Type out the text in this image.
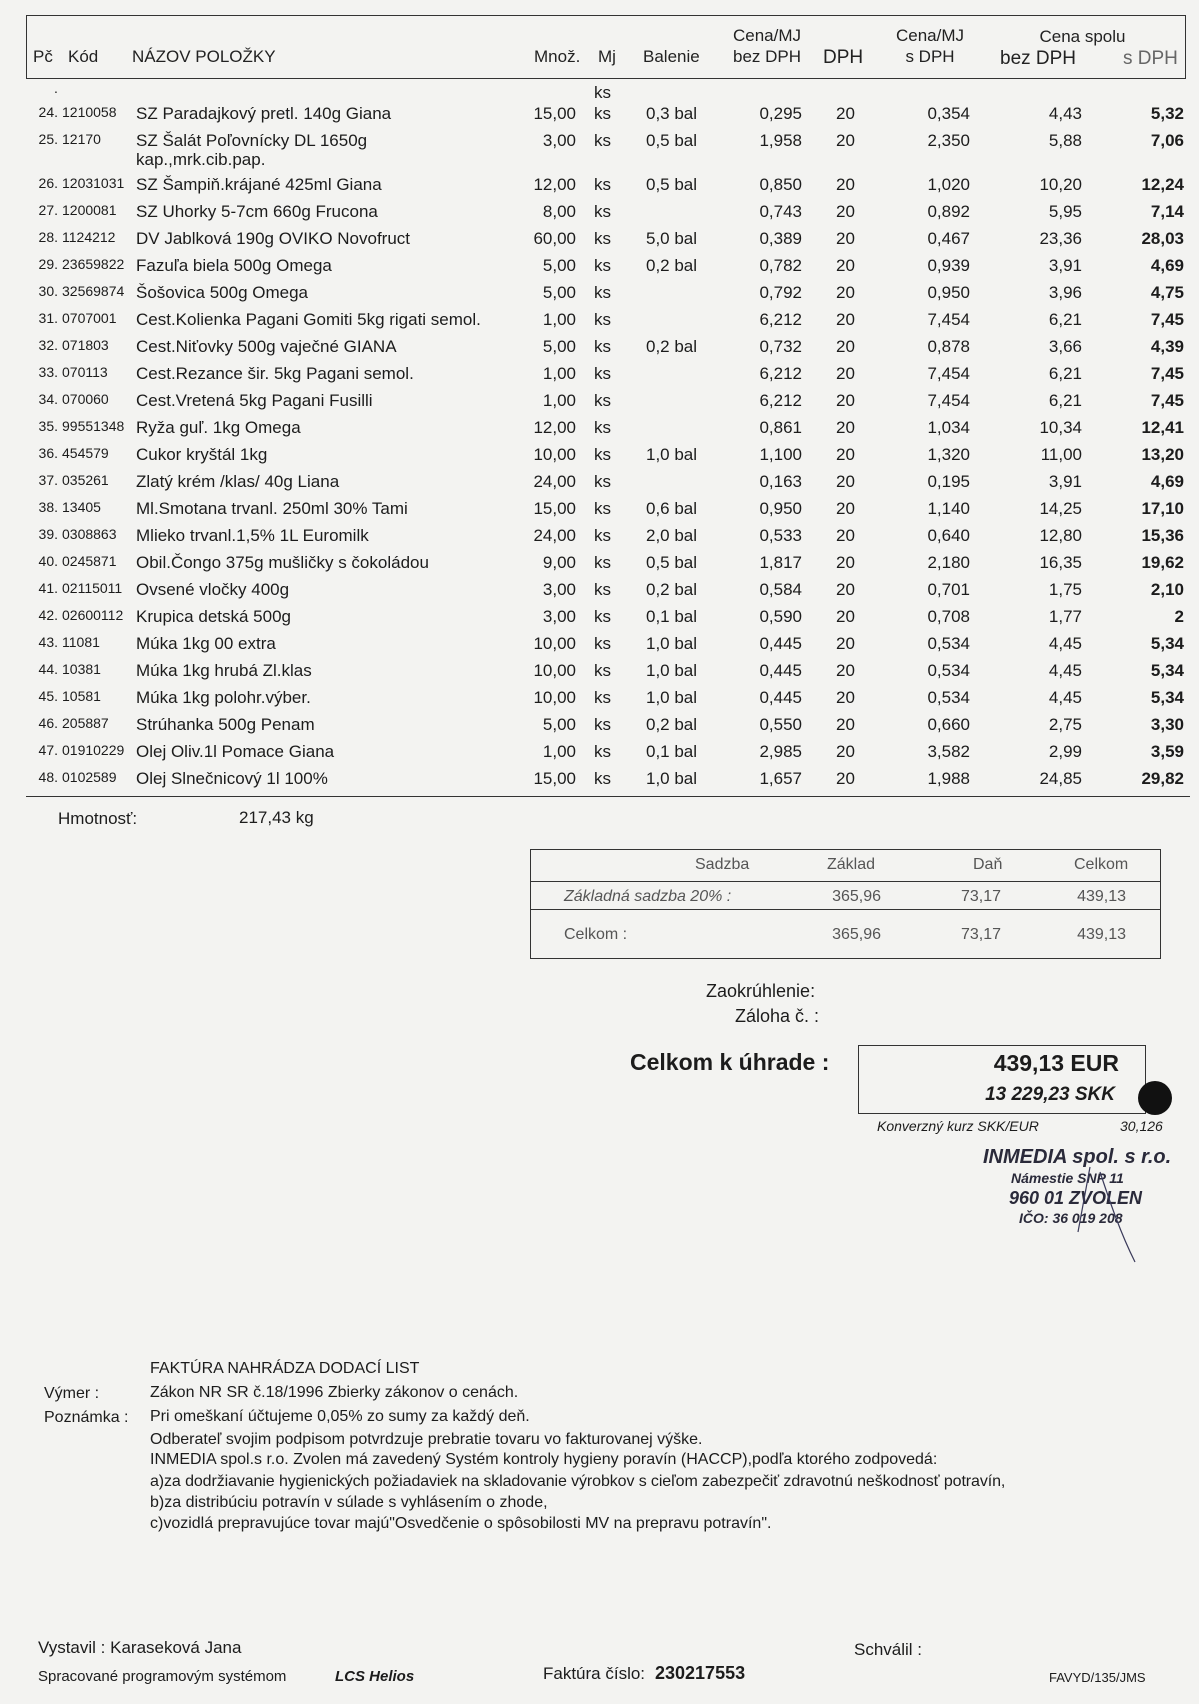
Pč Kód NÁZOV POLOŽKY	Množ. Mj Balenie
Cena/MJ
bez DPH	DPH
Cena/MJ
s DPH
Cena spolu
bez DPH s DPH
.	ks
24. 1210058 SZ Paradajkový pretl. 140g Giana	15,00 ks 0,3 bal	0,295 20	0,354	4,43	5,32
25. 12170 SZ Šalát Poľovnícky DL 1650g	3,00 ks 0,5 bal	1,958 20	2,350	5,88	7,06
kap.,mrk.cib.pap.
26. 12031031 SZ Šampiň.krájané 425ml Giana	12,00 ks 0,5 bal	0,850 20	1,020	10,20	12,24
27. 1200081 SZ Uhorky 5-7cm 660g Frucona	8,00 ks	0,743 20	0,892	5,95	7,14
28. 1124212 DV Jablková 190g OVIKO Novofruct	60,00 ks 5,0 bal	0,389 20	0,467	23,36	28,03
29. 23659822 Fazuľa biela 500g Omega	5,00 ks 0,2 bal	0,782 20	0,939	3,91	4,69
30. 32569874 Šošovica 500g Omega	5,00 ks	0,792 20	0,950	3,96	4,75
31. 0707001 Cest.Kolienka Pagani Gomiti 5kg rigati semol.	1,00 ks	6,212 20	7,454	6,21	7,45
32. 071803 Cest.Niťovky 500g vaječné GIANA	5,00 ks 0,2 bal	0,732 20	0,878	3,66	4,39
33. 070113 Cest.Rezance šir. 5kg Pagani semol.	1,00 ks	6,212 20	7,454	6,21	7,45
34. 070060 Cest.Vretená 5kg Pagani Fusilli	1,00 ks	6,212 20	7,454	6,21	7,45
35. 99551348 Ryža guľ. 1kg Omega	12,00 ks	0,861 20	1,034	10,34	12,41
36. 454579 Cukor kryštál 1kg	10,00 ks 1,0 bal	1,100 20	1,320	11,00	13,20
37. 035261 Zlatý krém /klas/ 40g Liana	24,00 ks	0,163 20	0,195	3,91	4,69
38. 13405 Ml.Smotana trvanl. 250ml 30% Tami	15,00 ks 0,6 bal	0,950 20	1,140	14,25	17,10
39. 0308863 Mlieko trvanl.1,5% 1L Euromilk	24,00 ks 2,0 bal	0,533 20	0,640	12,80	15,36
40. 0245871 Obil.Čongo 375g mušličky s čokoládou	9,00 ks 0,5 bal	1,817 20	2,180	16,35	19,62
41. 02115011 Ovsené vločky 400g	3,00 ks 0,2 bal	0,584 20	0,701	1,75	2,10
42. 02600112 Krupica detská 500g	3,00 ks 0,1 bal	0,590 20	0,708	1,77	2
43. 11081 Múka 1kg 00 extra	10,00 ks 1,0 bal	0,445 20	0,534	4,45	5,34
44. 10381 Múka 1kg hrubá Zl.klas	10,00 ks 1,0 bal	0,445 20	0,534	4,45	5,34
45. 10581 Múka 1kg polohr.výber.	10,00 ks 1,0 bal	0,445 20	0,534	4,45	5,34
46. 205887 Strúhanka 500g Penam	5,00 ks 0,2 bal	0,550 20	0,660	2,75	3,30
47. 01910229 Olej Oliv.1l Pomace Giana	1,00 ks 0,1 bal	2,985 20	3,582	2,99	3,59
48. 0102589 Olej Slnečnicový 1l 100%	15,00 ks 1,0 bal	1,657 20	1,988	24,85	29,82
Hmotnosť:	217,43 kg
Sadzba	Základ	Daň	Celkom
Základná sadzba 20% :	365,96	73,17	439,13
Celkom :	365,96	73,17	439,13
Zaokrúhlenie:
Záloha č. :
Celkom k úhrade :	439,13 EUR
13 229,23 SKK
Konverzný kurz SKK/EUR	30,126
INMEDIA spol. s r.o.
Námestie SNP 11
960 01 ZVOLEN
IČO: 36 019 208
FAKTÚRA NAHRÁDZA DODACÍ LIST
Výmer :	Zákon NR SR č.18/1996 Zbierky zákonov o cenách.
Poznámka : Pri omeškaní účtujeme 0,05% zo sumy za každý deň.
Odberateľ svojim podpisom potvrdzuje prebratie tovaru vo fakturovanej výške.
INMEDIA spol.s r.o. Zvolen má zavedený Systém kontroly hygieny poravín (HACCP),podľa ktorého zodpovedá:
a)za dodržiavanie hygienických požiadaviek na skladovanie výrobkov s cieľom zabezpečiť zdravotnú neškodnosť potravín,
b)za distribúciu potravín v súlade s vyhlásením o zhode,
c)vozidlá prepravujúce tovar majú"Osvedčenie o spôsobilosti MV na prepravu potravín".
Vystavil : Karaseková Jana	Schválil :
Spracované programovým systémom	LCS Helios	Faktúra číslo: 230217553	FAVYD/135/JMS
